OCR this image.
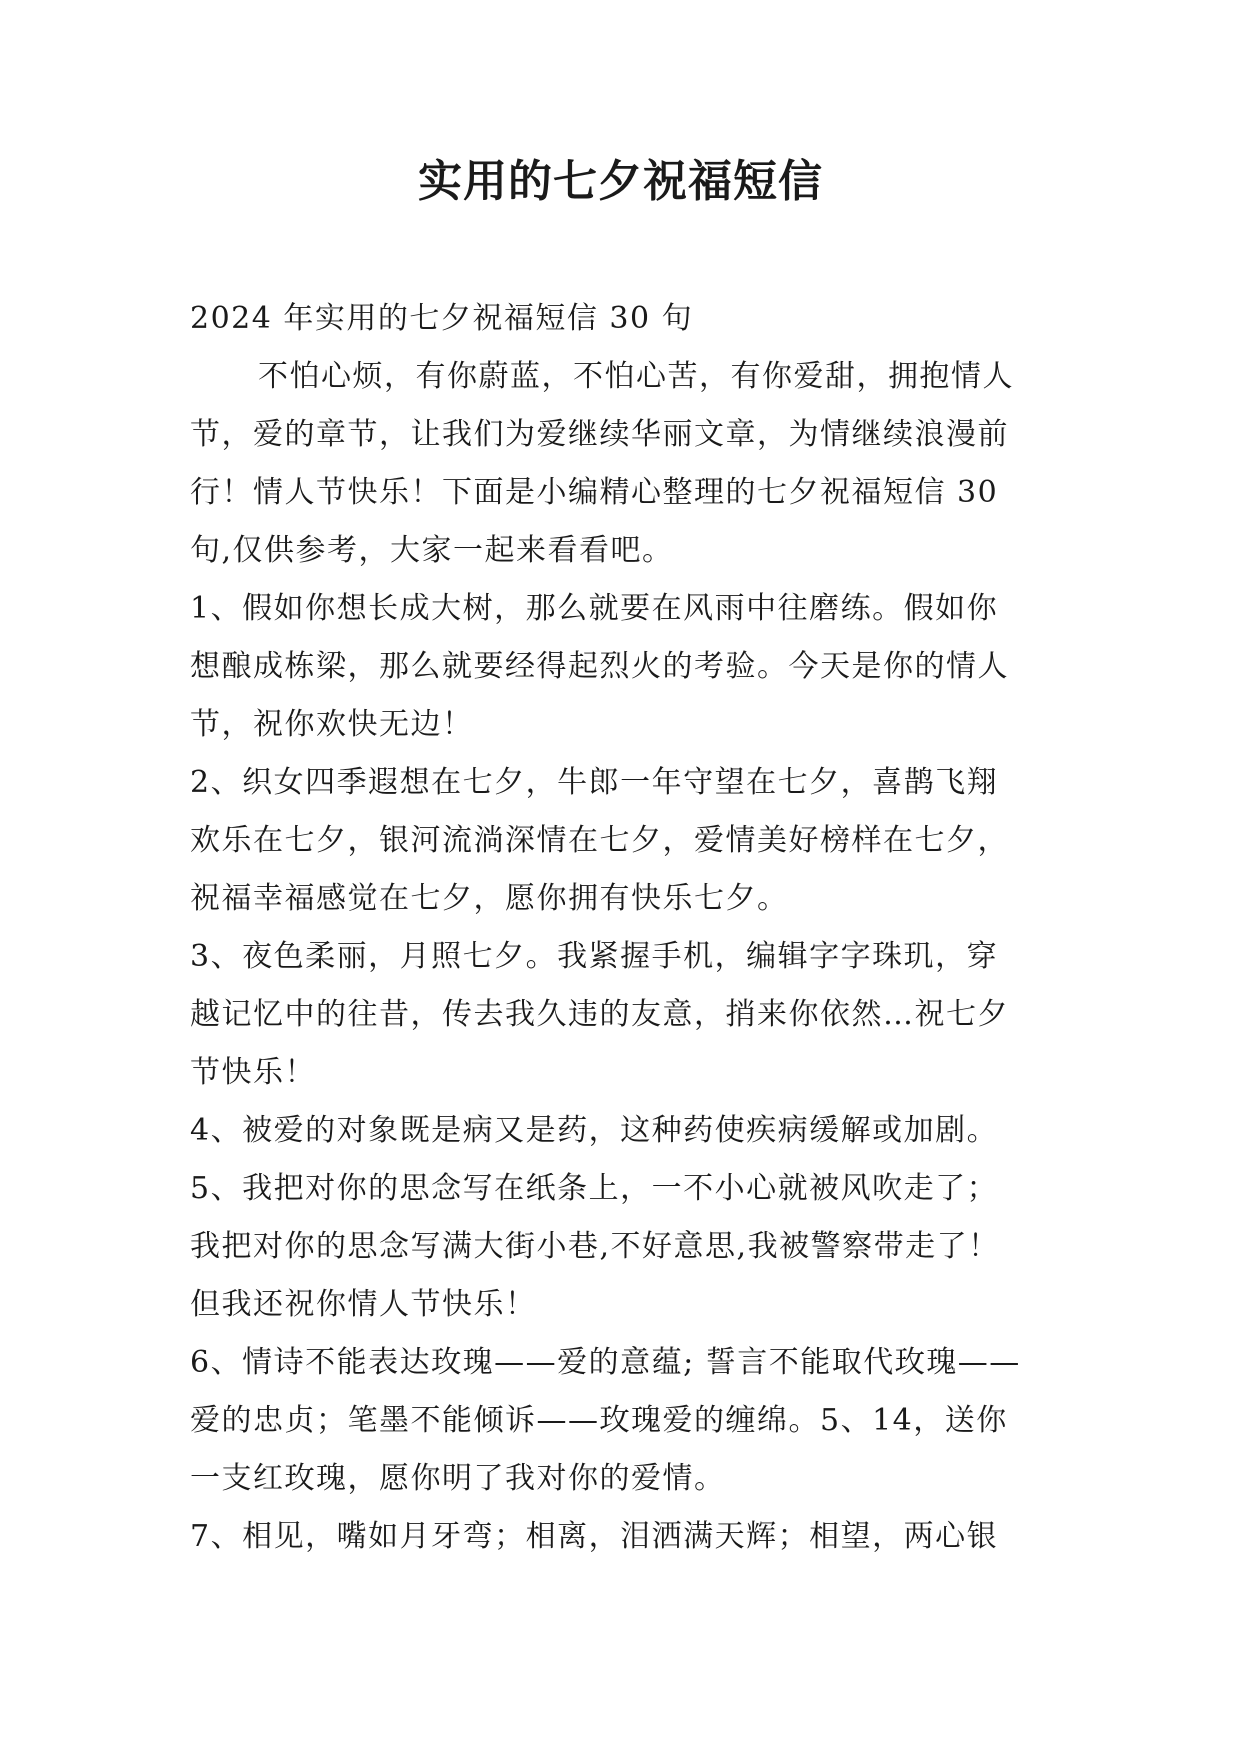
实用的七夕祝福短信
2024 年实用的七夕祝福短信 30 句
不怕心烦，有你蔚蓝，不怕心苦，有你爱甜，拥抱情人
节，爱的章节，让我们为爱继续华丽文章，为情继续浪漫前
行！情人节快乐！下面是小编精心整理的七夕祝福短信 30
句,仅供参考，大家一起来看看吧。
1、假如你想长成大树，那么就要在风雨中往磨练。假如你
想酿成栋梁，那么就要经得起烈火的考验。今天是你的情人
节，祝你欢快无边！
2、织女四季遐想在七夕，牛郎一年守望在七夕，喜鹊飞翔
欢乐在七夕，银河流淌深情在七夕，爱情美好榜样在七夕，
祝福幸福感觉在七夕，愿你拥有快乐七夕。
3、夜色柔丽，月照七夕。我紧握手机，编辑字字珠玑，穿
越记忆中的往昔，传去我久违的友意，捎来你依然…祝七夕
节快乐！
4、被爱的对象既是病又是药，这种药使疾病缓解或加剧。
5、我把对你的思念写在纸条上，一不小心就被风吹走了；
我把对你的思念写满大街小巷,不好意思,我被警察带走了！
但我还祝你情人节快乐！
6、情诗不能表达玫瑰——爱的意蕴; 誓言不能取代玫瑰——
爱的忠贞；笔墨不能倾诉——玫瑰爱的缠绵。5、14，送你
一支红玫瑰，愿你明了我对你的爱情。
7、相见，嘴如月牙弯；相离，泪洒满天辉；相望，两心银
